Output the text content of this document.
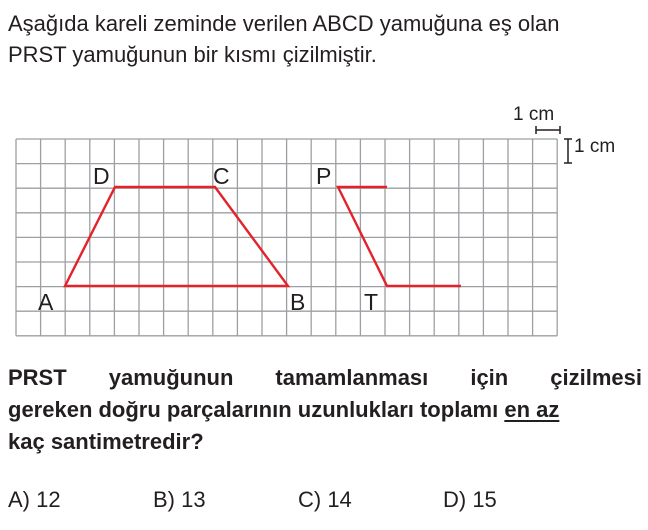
Aşağıda kareli zeminde verilen ABCD yamuğuna eş olan
PRST yamuğunun bir kısmı çizilmiştir.

1 cm
1 cm
A	B
C
D	P
T

PRST yamuğunun tamamlanması için çizilmesi
gereken doğru parçalarının uzunlukları toplamı en az
kaç santimetredir?

A) 12	B) 13	C) 14	D) 15
